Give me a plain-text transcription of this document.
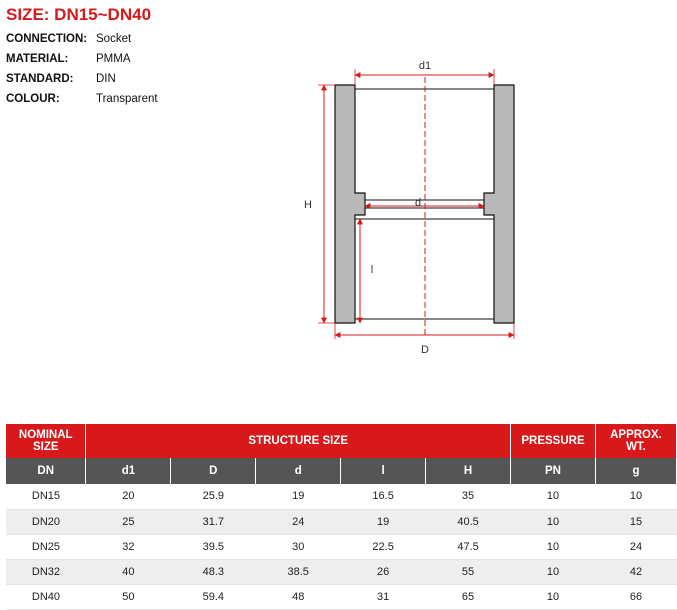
SIZE: DN15~DN40
CONNECTION: Socket
MATERIAL: PMMA
STANDARD: DIN
COLOUR:	Transparent
d1
d
H
l
D
NOMINAL SIZE	STRUCTURE SIZE					PRESSURE	APPROX. WT.
DN	d1	D	d	l	H	PN	g
DN15	20	25.9	19	16.5	35	10	10
DN20	25	31.7	24	19	40.5	10	15
DN25	32	39.5	30	22.5	47.5	10	24
DN32	40	48.3	38.5	26	55	10	42
DN40	50	59.4	48	31	65	10	66
